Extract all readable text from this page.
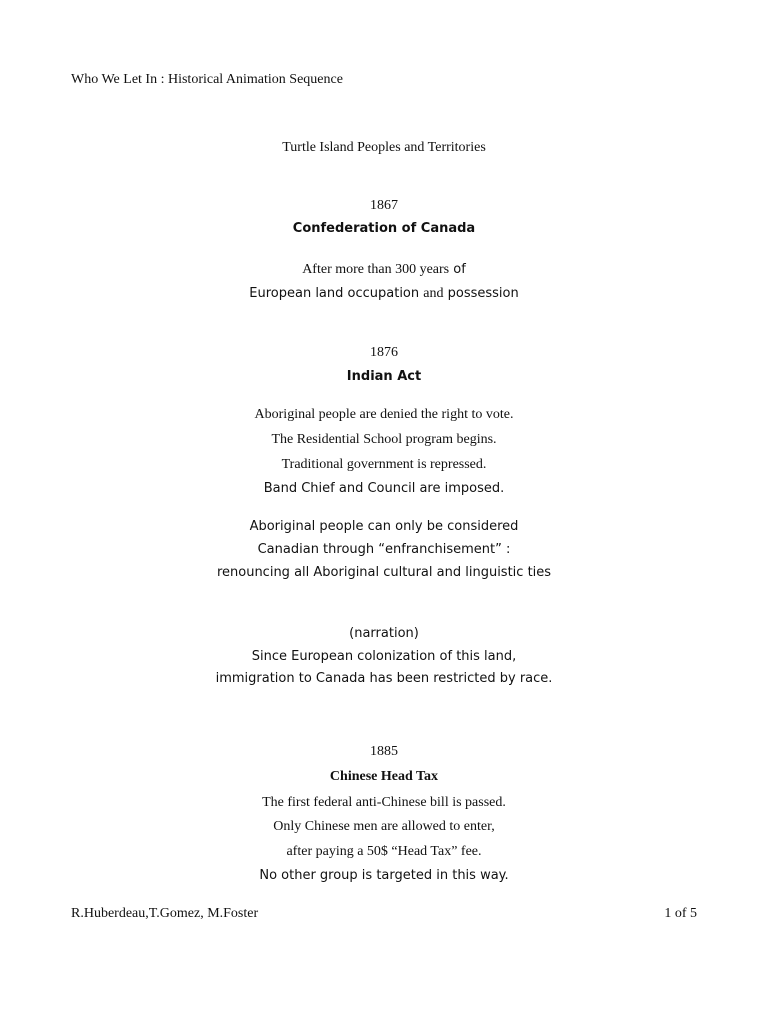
Who We Let In : Historical Animation Sequence
Turtle Island Peoples and Territories
1867
Confederation of Canada
After more than 300 years of
European land occupation and possession
1876
Indian Act
Aboriginal people are denied the right to vote.
The Residential School program begins.
Traditional government is repressed.
Band Chief and Council are imposed.
Aboriginal people can only be considered
Canadian through “enfranchisement” :
renouncing all Aboriginal cultural and linguistic ties
(narration)
Since European colonization of this land,
immigration to Canada has been restricted by race.
1885
Chinese Head Tax
The first federal anti-Chinese bill is passed.
Only Chinese men are allowed to enter,
after paying a 50$ “Head Tax” fee.
No other group is targeted in this way.
R.Huberdeau,T.Gomez, M.Foster	1 of 5
